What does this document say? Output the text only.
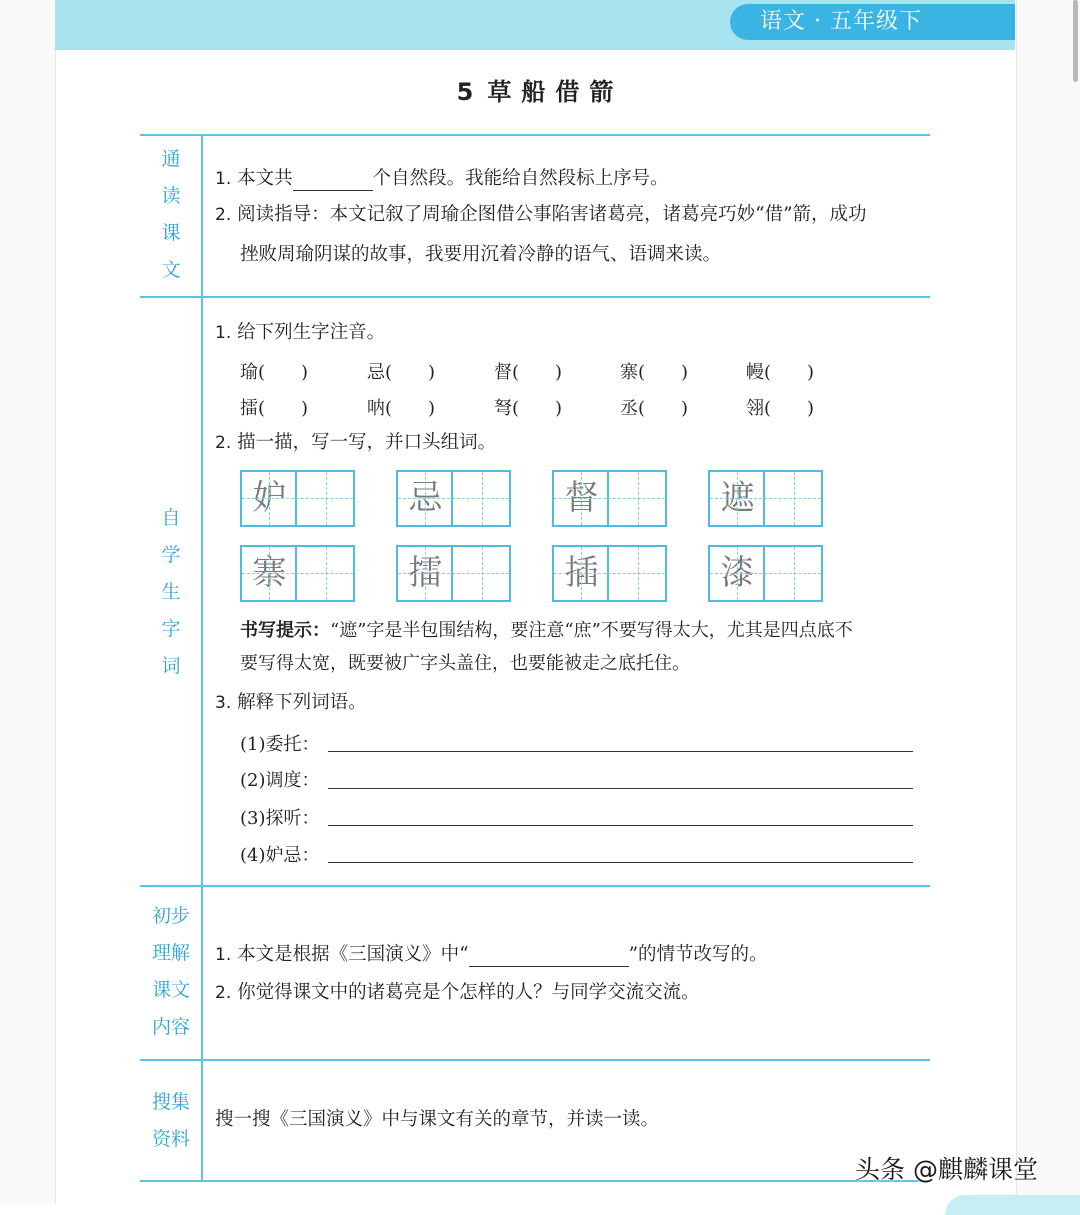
语文 · 五年级下
5 草船借箭
通
读
课
文
1. 本文共	个自然段。我能给自然段标上序号。
2. 阅读指导：本文记叙了周瑜企图借公事陷害诸葛亮，诸葛亮巧妙“借”箭，成功
挫败周瑜阴谋的故事，我要用沉着冷静的语气、语调来读。
自
学
生
字
词
1. 给下列生字注音。
瑜(　　)	忌(　　)	督(　　)	寨(　　)	幔(　　)
擂(　　)	呐(　　)	弩(　　)	丞(　　)	翎(　　)
2. 描一描，写一写，并口头组词。
妒	忌	督	遮
寨	擂	插	漆
书写提示：“遮”字是半包围结构，要注意“庶”不要写得太大，尤其是四点底不
要写得太宽，既要被广字头盖住，也要能被走之底托住。
3. 解释下列词语。
(1)委托：
(2)调度：
(3)探听：
(4)妒忌：
初步
理解
课文
内容
1. 本文是根据《三国演义》中“	”的情节改写的。
2. 你觉得课文中的诸葛亮是个怎样的人？与同学交流交流。
搜集
资料
搜一搜《三国演义》中与课文有关的章节，并读一读。
头条 @麒麟课堂
